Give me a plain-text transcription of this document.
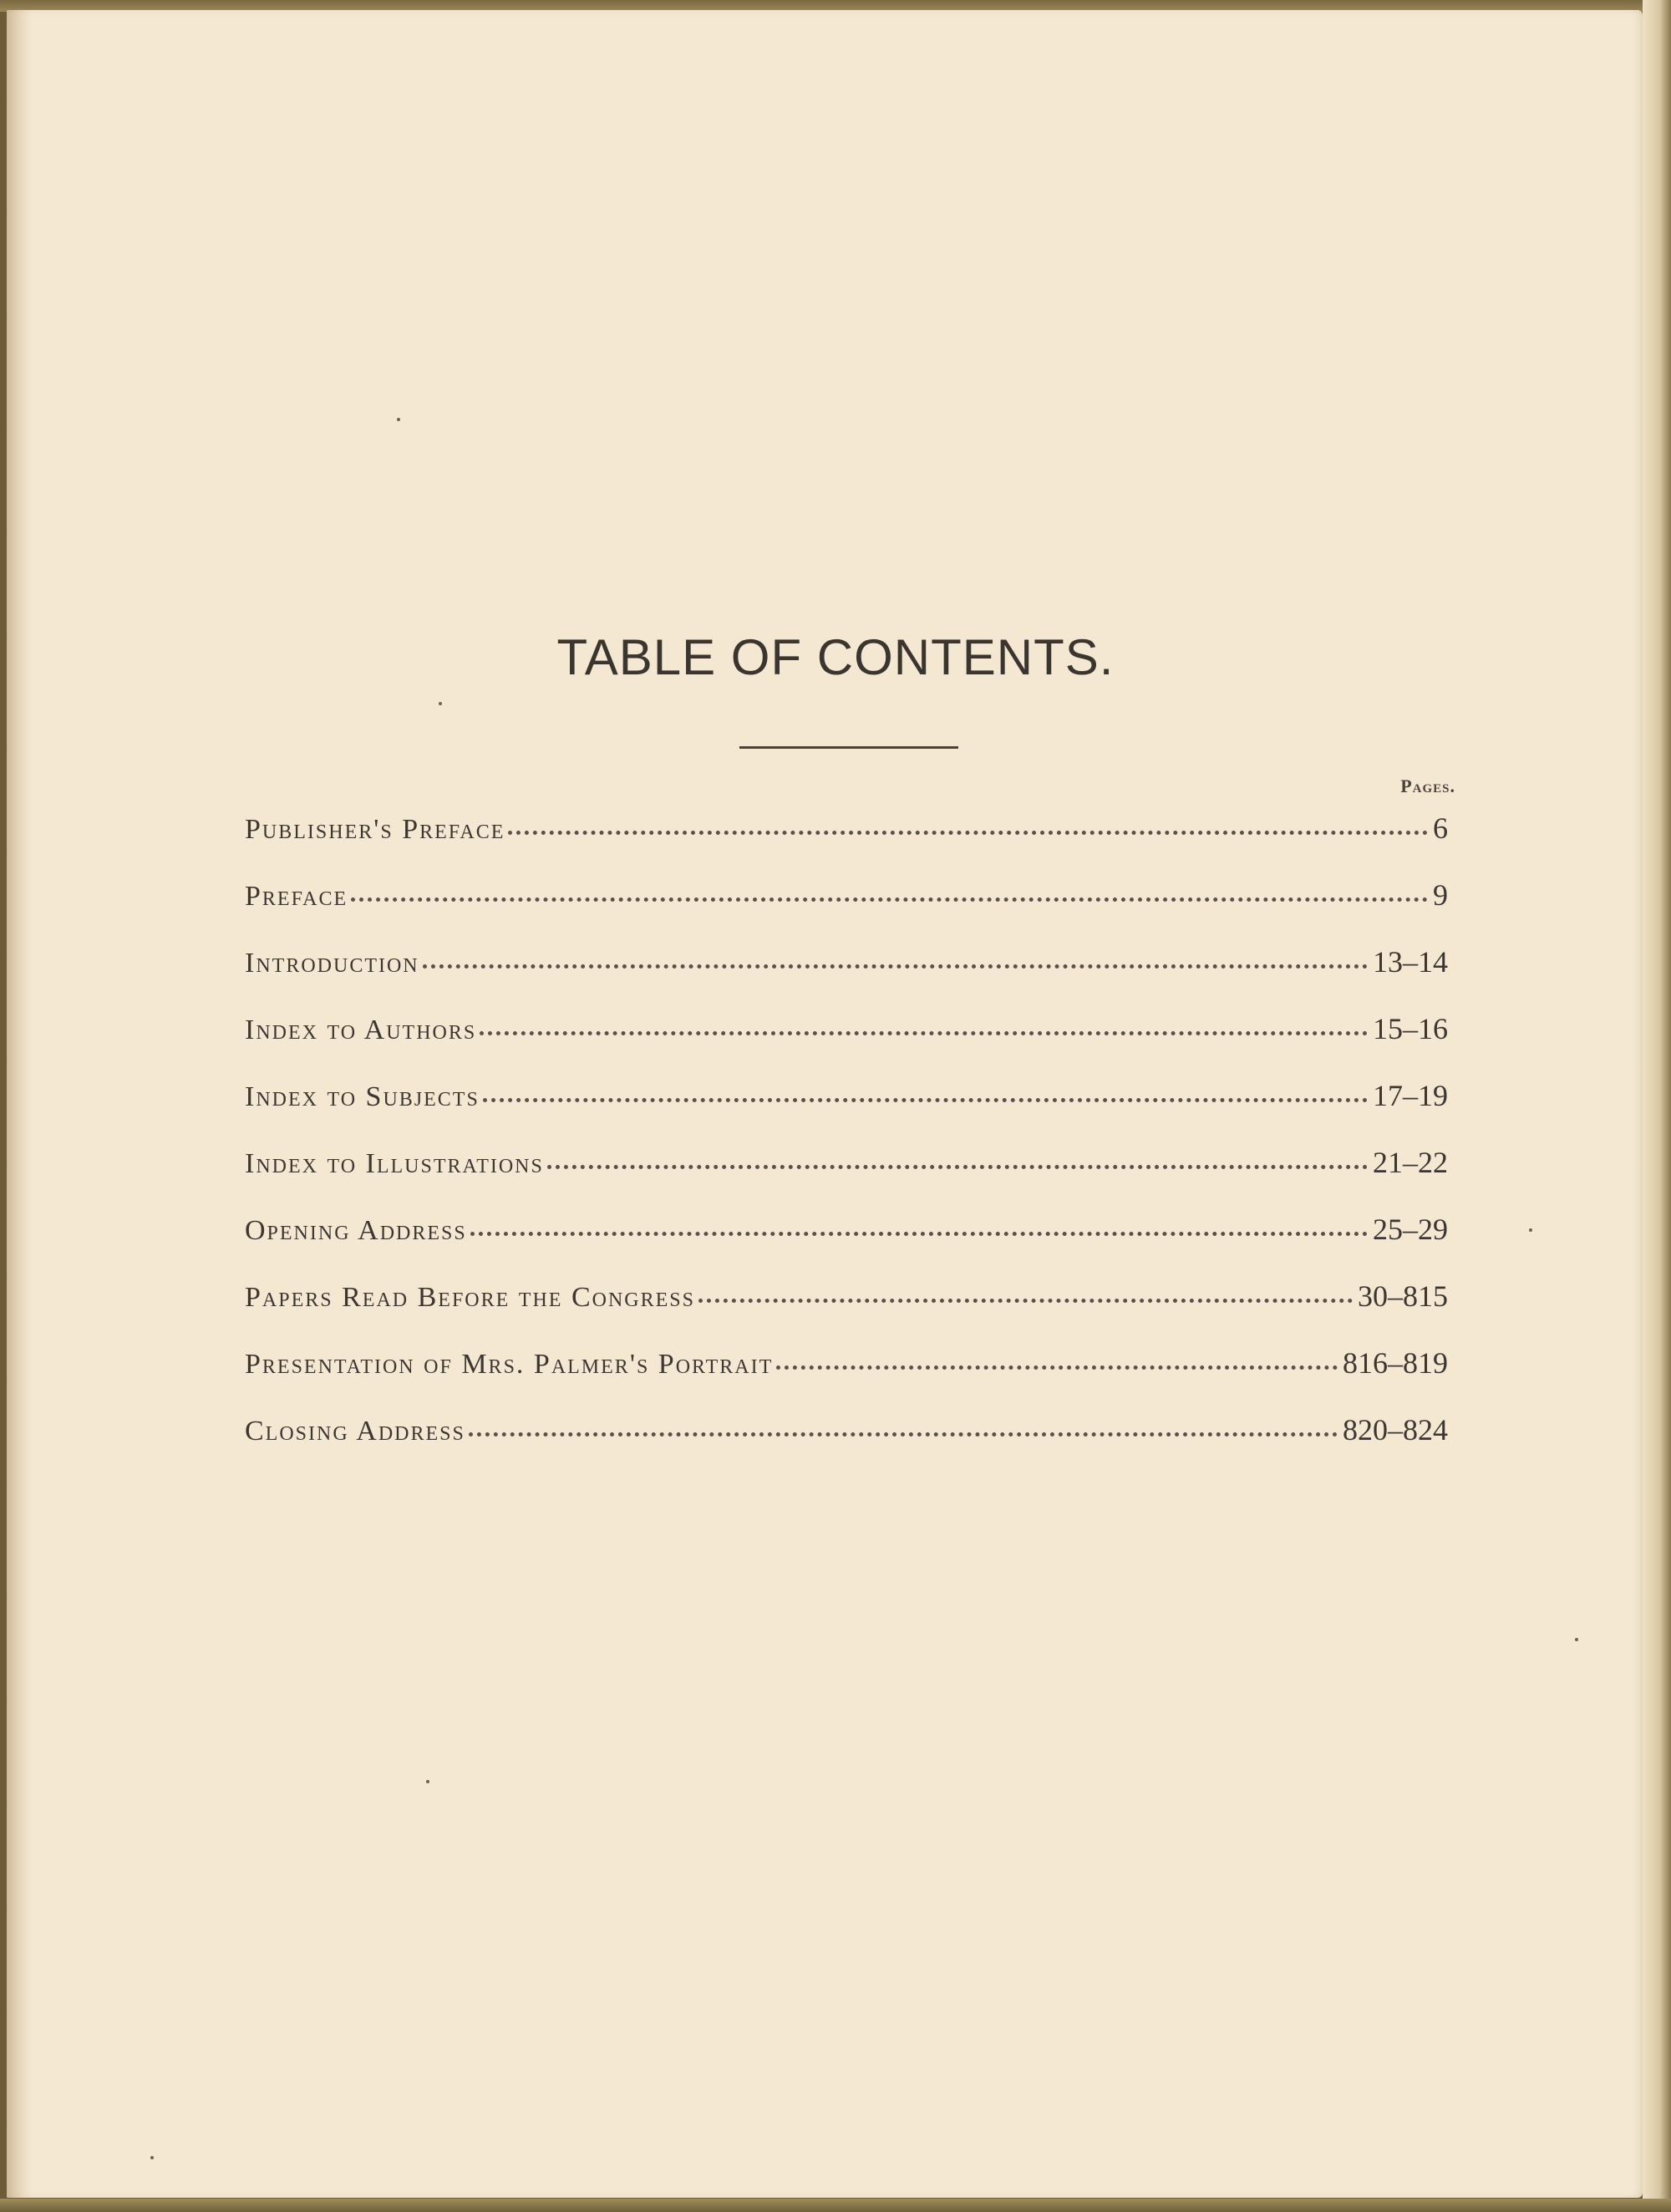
TABLE OF CONTENTS.
Pages.
Publisher's Preface	6
Preface	9
Introduction	13–14
Index to Authors	15–16
Index to Subjects	17–19
Index to Illustrations	21–22
Opening Address	25–29
Papers Read Before the Congress	30–815
Presentation of Mrs. Palmer's Portrait	816–819
Closing Address	820–824
